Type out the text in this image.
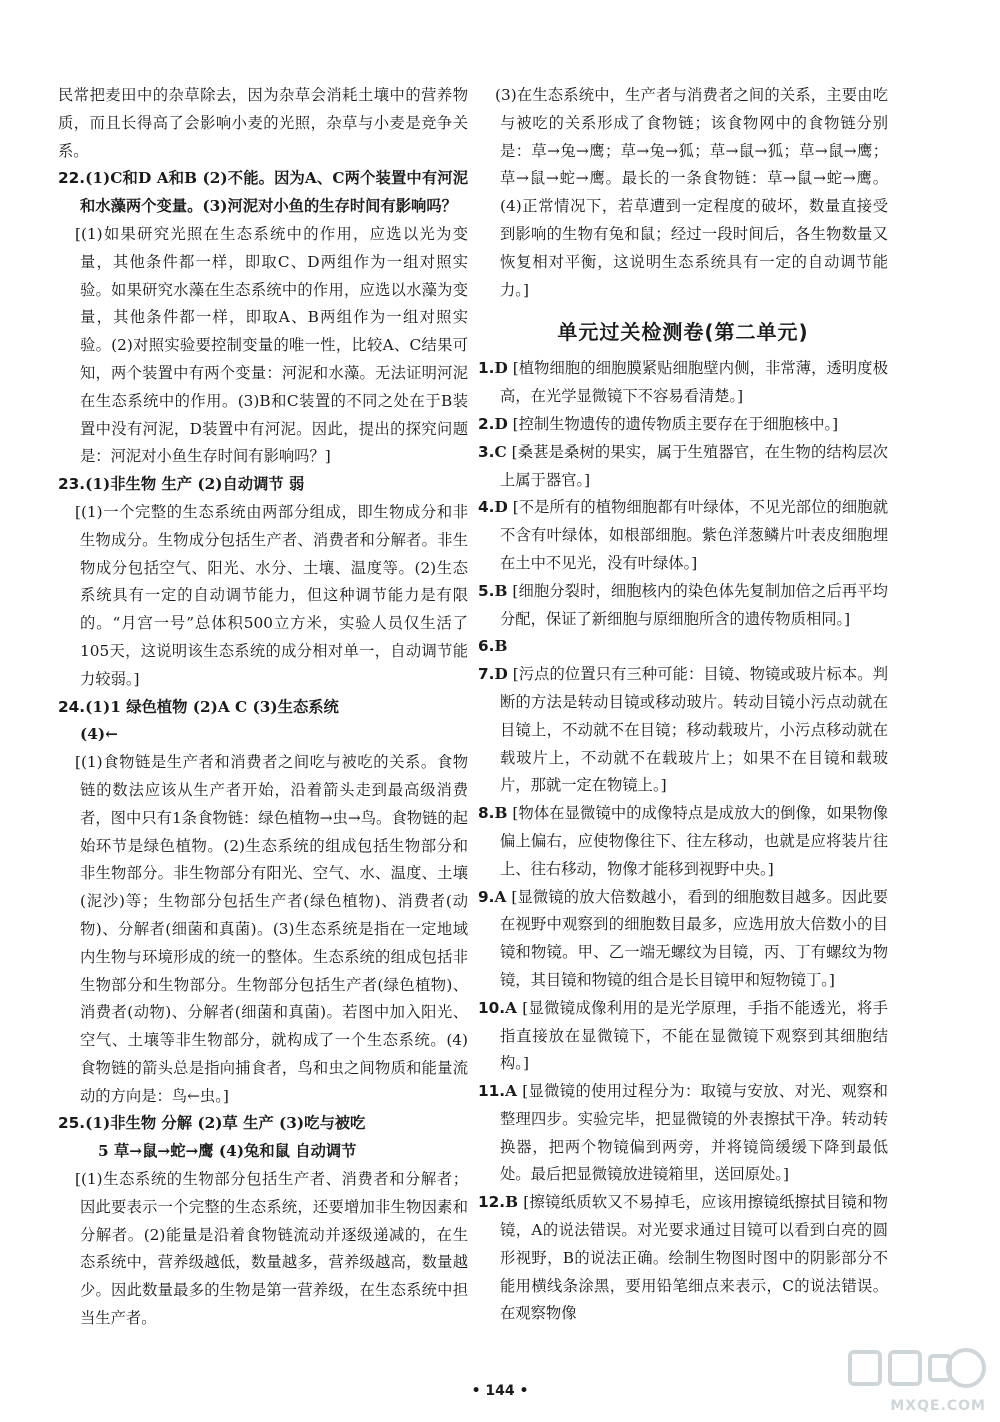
民常把麦田中的杂草除去，因为杂草会消耗土壤中的营养物质，而且长得高了会影响小麦的光照，杂草与小麦是竞争关系。

22.(1)C和D A和B (2)不能。因为A、C两个装置中有河泥和水藻两个变量。(3)河泥对小鱼的生存时间有影响吗？

[(1)如果研究光照在生态系统中的作用，应选以光为变量，其他条件都一样，即取C、D两组作为一组对照实验。如果研究水藻在生态系统中的作用，应选以水藻为变量，其他条件都一样，即取A、B两组作为一组对照实验。(2)对照实验要控制变量的唯一性，比较A、C结果可知，两个装置中有两个变量：河泥和水藻。无法证明河泥在生态系统中的作用。(3)B和C装置的不同之处在于B装置中没有河泥，D装置中有河泥。因此，提出的探究问题是：河泥对小鱼生存时间有影响吗？]

23.(1)非生物 生产 (2)自动调节 弱

[(1)一个完整的生态系统由两部分组成，即生物成分和非生物成分。生物成分包括生产者、消费者和分解者。非生物成分包括空气、阳光、水分、土壤、温度等。(2)生态系统具有一定的自动调节能力，但这种调节能力是有限的。“月宫一号”总体积500立方米，实验人员仅生活了105天，这说明该生态系统的成分相对单一，自动调节能力较弱。]

24.(1)1 绿色植物 (2)A C (3)生态系统

(4)←

[(1)食物链是生产者和消费者之间吃与被吃的关系。食物链的数法应该从生产者开始，沿着箭头走到最高级消费者，图中只有1条食物链：绿色植物→虫→鸟。食物链的起始环节是绿色植物。(2)生态系统的组成包括生物部分和非生物部分。非生物部分有阳光、空气、水、温度、土壤(泥沙)等；生物部分包括生产者(绿色植物)、消费者(动物)、分解者(细菌和真菌)。(3)生态系统是指在一定地域内生物与环境形成的统一的整体。生态系统的组成包括非生物部分和生物部分。生物部分包括生产者(绿色植物)、消费者(动物)、分解者(细菌和真菌)。若图中加入阳光、空气、土壤等非生物部分，就构成了一个生态系统。(4)食物链的箭头总是指向捕食者，鸟和虫之间物质和能量流动的方向是：鸟←虫。]

25.(1)非生物 分解 (2)草 生产 (3)吃与被吃

5 草→鼠→蛇→鹰 (4)兔和鼠 自动调节

[(1)生态系统的生物部分包括生产者、消费者和分解者；因此要表示一个完整的生态系统，还要增加非生物因素和分解者。(2)能量是沿着食物链流动并逐级递减的，在生态系统中，营养级越低，数量越多，营养级越高，数量越少。因此数量最多的生物是第一营养级，在生态系统中担当生产者。

(3)在生态系统中，生产者与消费者之间的关系，主要由吃与被吃的关系形成了食物链；该食物网中的食物链分别是：草→兔→鹰；草→兔→狐；草→鼠→狐；草→鼠→鹰；草→鼠→蛇→鹰。最长的一条食物链：草→鼠→蛇→鹰。(4)正常情况下，若草遭到一定程度的破坏，数量直接受到影响的生物有兔和鼠；经过一段时间后，各生物数量又恢复相对平衡，这说明生态系统具有一定的自动调节能力。]

单元过关检测卷(第二单元)

1.D [植物细胞的细胞膜紧贴细胞壁内侧，非常薄，透明度极高，在光学显微镜下不容易看清楚。]

2.D [控制生物遗传的遗传物质主要存在于细胞核中。]

3.C [桑葚是桑树的果实，属于生殖器官，在生物的结构层次上属于器官。]

4.D [不是所有的植物细胞都有叶绿体，不见光部位的细胞就不含有叶绿体，如根部细胞。紫色洋葱鳞片叶表皮细胞埋在土中不见光，没有叶绿体。]

5.B [细胞分裂时，细胞核内的染色体先复制加倍之后再平均分配，保证了新细胞与原细胞所含的遗传物质相同。]

6.B

7.D [污点的位置只有三种可能：目镜、物镜或玻片标本。判断的方法是转动目镜或移动玻片。转动目镜小污点动就在目镜上，不动就不在目镜；移动载玻片，小污点移动就在载玻片上，不动就不在载玻片上；如果不在目镜和载玻片，那就一定在物镜上。]

8.B [物体在显微镜中的成像特点是成放大的倒像，如果物像偏上偏右，应使物像往下、往左移动，也就是应将装片往上、往右移动，物像才能移到视野中央。]

9.A [显微镜的放大倍数越小，看到的细胞数目越多。因此要在视野中观察到的细胞数目最多，应选用放大倍数小的目镜和物镜。甲、乙一端无螺纹为目镜，丙、丁有螺纹为物镜，其目镜和物镜的组合是长目镜甲和短物镜丁。]

10.A [显微镜成像利用的是光学原理，手指不能透光，将手指直接放在显微镜下，不能在显微镜下观察到其细胞结构。]

11.A [显微镜的使用过程分为：取镜与安放、对光、观察和整理四步。实验完毕，把显微镜的外表擦拭干净。转动转换器，把两个物镜偏到两旁，并将镜筒缓缓下降到最低处。最后把显微镜放进镜箱里，送回原处。]

12.B [擦镜纸质软又不易掉毛，应该用擦镜纸擦拭目镜和物镜，A的说法错误。对光要求通过目镜可以看到白亮的圆形视野，B的说法正确。绘制生物图时图中的阴影部分不能用横线条涂黑，要用铅笔细点来表示，C的说法错误。在观察物像

• 144 •
MXQE.COM
